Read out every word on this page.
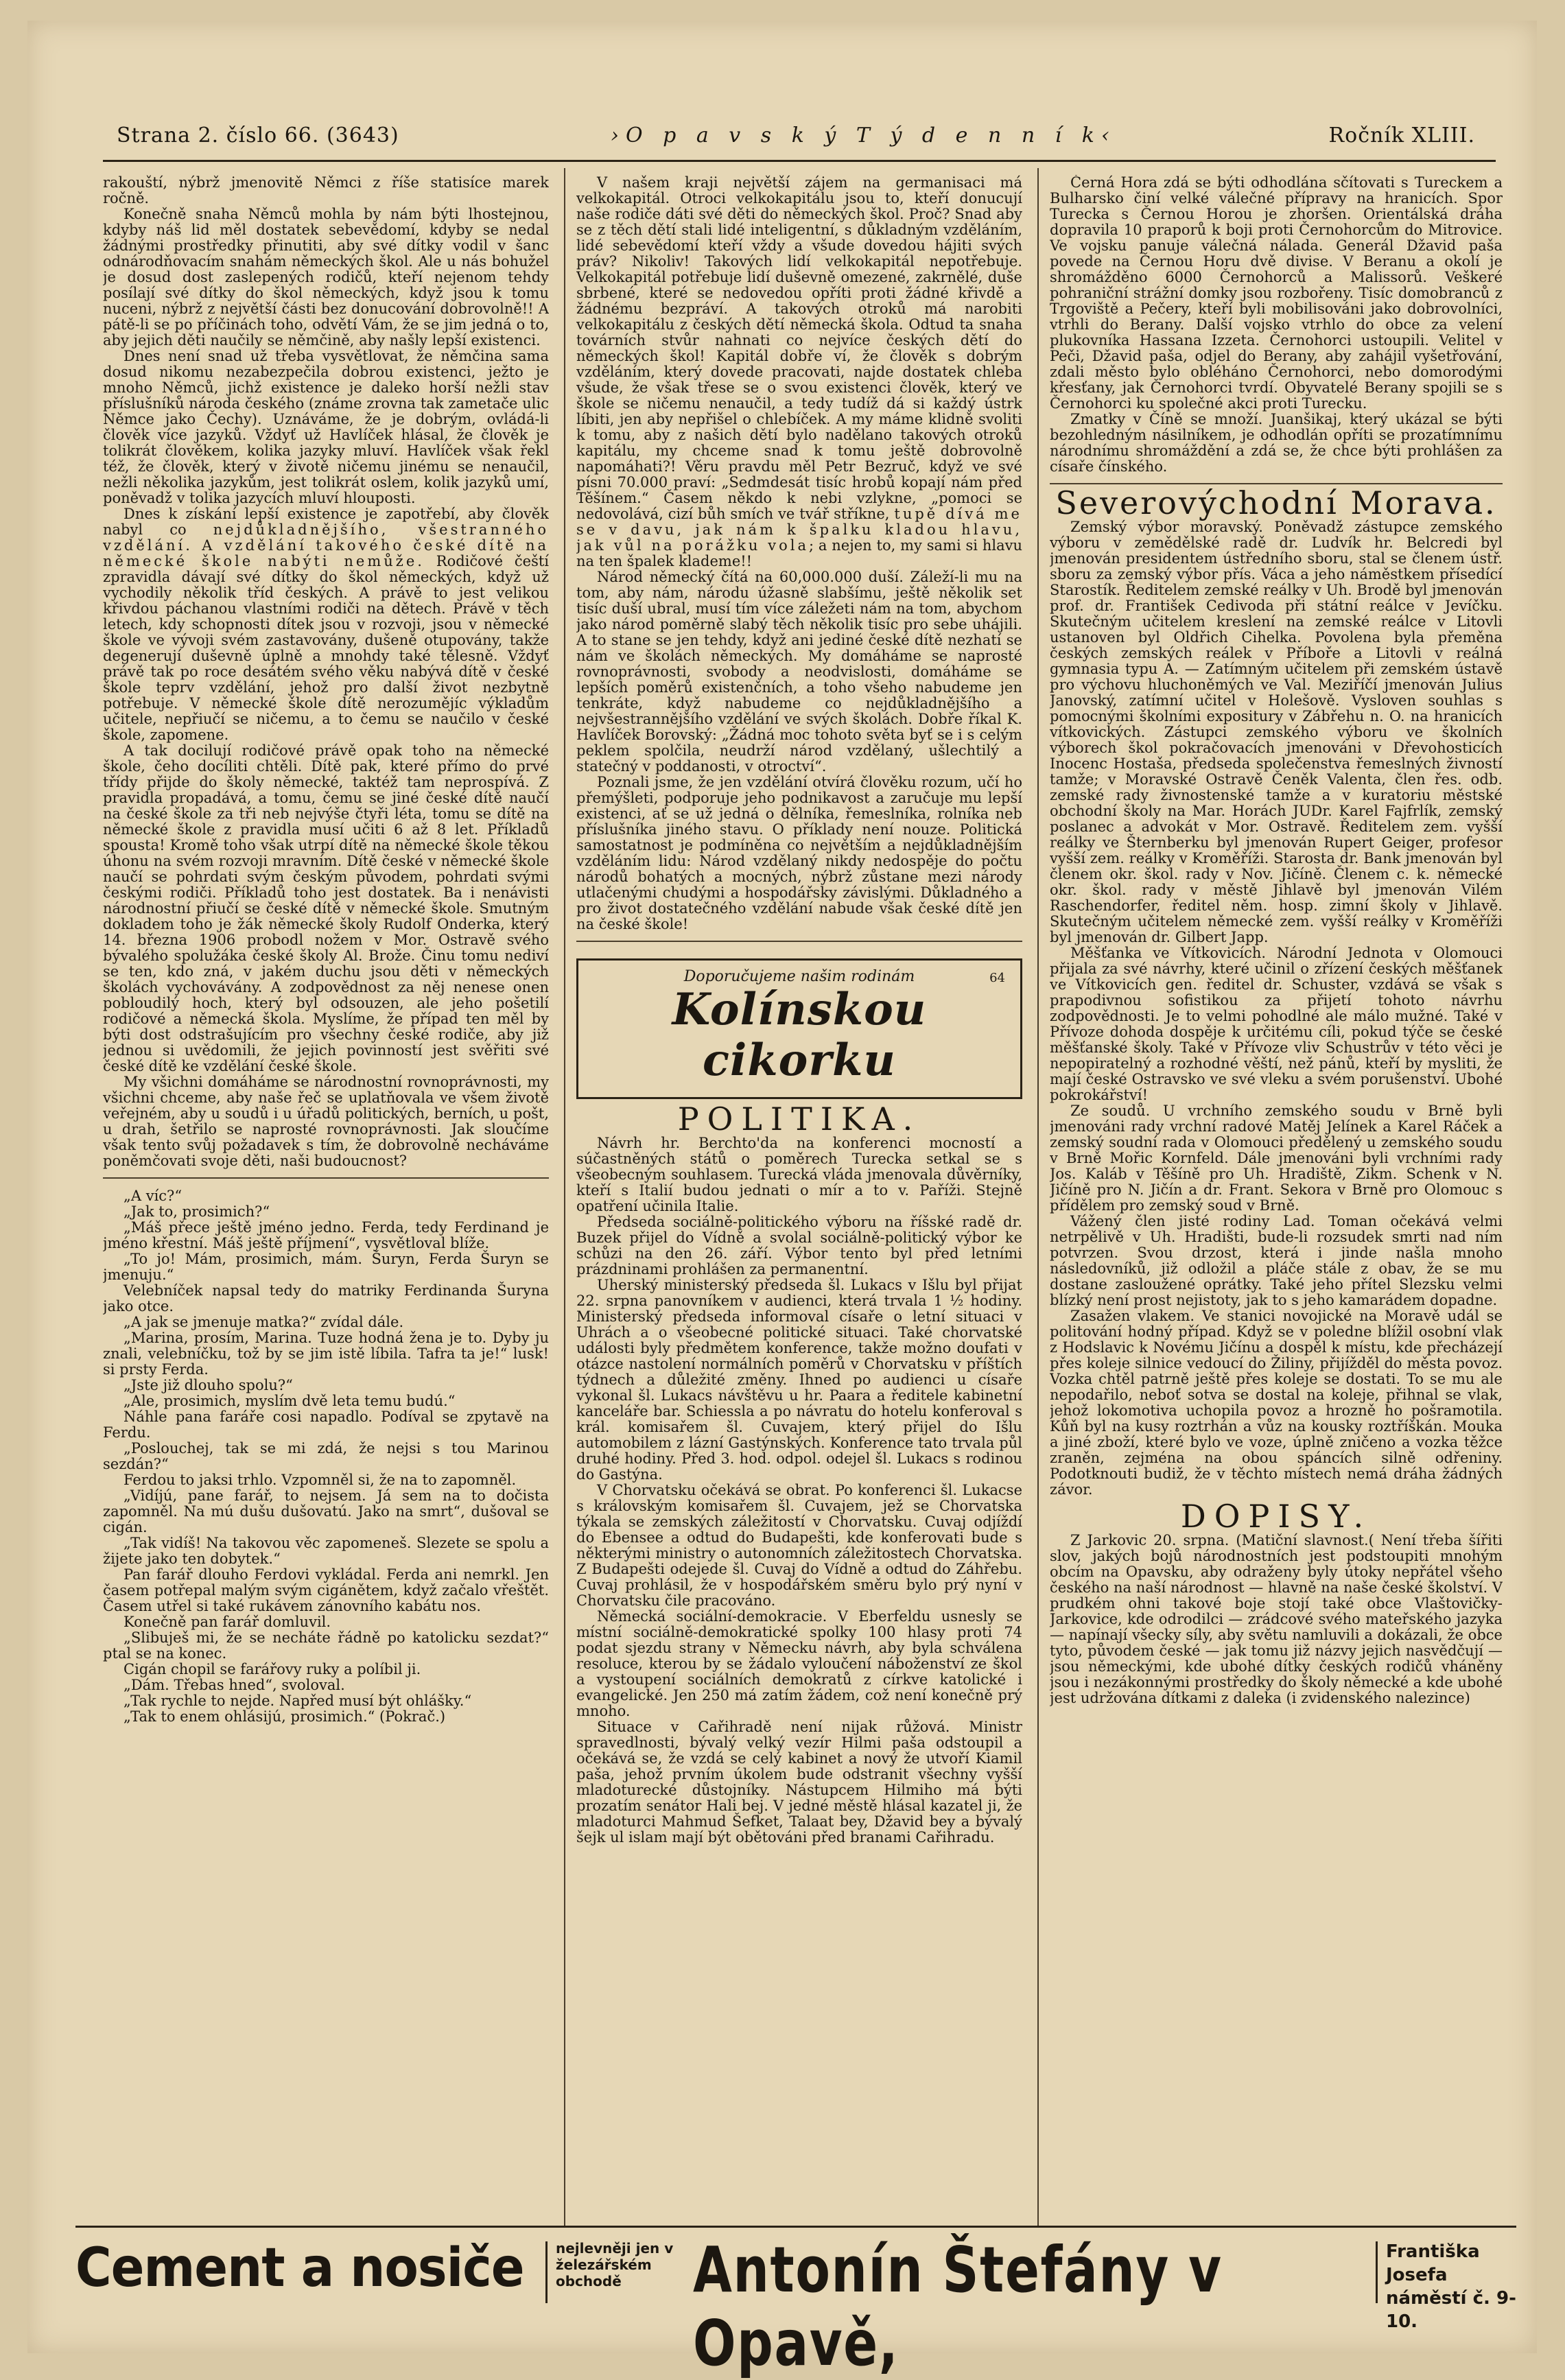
Strana 2. číslo 66. (3643)	›O p a v s k ý T ý d e n n í k‹	Ročník XLIII.

rakouští, nýbrž jmenovitě Němci z říše statisíce marek ročně.

Konečně snaha Němců mohla by nám býti lhostejnou, kdyby náš lid měl dostatek sebevědomí, kdyby se nedal žádnými prostředky přinutiti, aby své dítky vodil v šanc odnárodňovacím snahám německých škol. Ale u nás bohužel je dosud dost zaslepených rodičů, kteří nejenom tehdy posílají své dítky do škol německých, když jsou k tomu nuceni, nýbrž z největší části bez donucování dobrovolně!! A pátě-li se po příčinách toho, odvětí Vám, že se jim jedná o to, aby jejich děti naučily se němčině, aby našly lepší existenci.

Dnes není snad už třeba vysvětlovat, že němčina sama dosud nikomu nezabezpečila dobrou existenci, ježto je mnoho Němců, jichž existence je daleko horší nežli stav příslušníků národa českého (známe zrovna tak zametače ulic Němce jako Čechy). Uznáváme, že je dobrým, ovládá-li člověk více jazyků. Vždyť už Havlíček hlásal, že člověk je tolikrát člověkem, kolika jazyky mluví. Havlíček však řekl též, že člověk, který v životě ničemu jinému se nenaučil, nežli několika jazykům, jest tolikrát oslem, kolik jazyků umí, poněvadž v tolika jazycích mluví hlouposti.

Dnes k získání lepší existence je zapotřebí, aby člověk nabyl co nejdůkladnějšího, všestranného vzdělání. A vzdělání takového české dítě na německé škole nabýti nemůže. Rodičové čeští zpravidla dávají své dítky do škol německých, když už vychodily několik tříd českých. A právě to jest velikou křivdou páchanou vlastními rodiči na dětech. Právě v těch letech, kdy schopnosti dítek jsou v rozvoji, jsou v německé škole ve vývoji svém zastavovány, dušeně otupovány, takže degenerují duševně úplně a mnohdy také tělesně. Vždyť právě tak po roce desátém svého věku nabývá dítě v české škole teprv vzdělání, jehož pro další život nezbytně potřebuje. V německé škole dítě nerozumějíc výkladům učitele, nepřiučí se ničemu, a to čemu se naučilo v české škole, zapomene.

A tak docilují rodičové právě opak toho na německé škole, čeho docíliti chtěli. Dítě pak, které přímo do prvé třídy přijde do školy německé, taktéž tam neprospívá. Z pravidla propadává, a tomu, čemu se jiné české dítě naučí na české škole za tři neb nejvýše čtyři léta, tomu se dítě na německé škole z pravidla musí učiti 6 až 8 let. Příkladů spousta! Kromě toho však utrpí dítě na německé škole těkou úhonu na svém rozvoji mravním. Dítě české v německé škole naučí se pohrdati svým českým původem, pohrdati svými českými rodiči. Příkladů toho jest dostatek. Ba i nenávisti národnostní přiučí se české dítě v německé škole. Smutným dokladem toho je žák německé školy Rudolf Onderka, který 14. března 1906 probodl nožem v Mor. Ostravě svého bývalého spolužáka české školy Al. Brože. Činu tomu nediví se ten, kdo zná, v jakém duchu jsou děti v německých školách vychovávány. A zodpovědnost za něj nenese onen pobloudilý hoch, který byl odsouzen, ale jeho pošetilí rodičové a německá škola. Myslíme, že případ ten měl by býti dost odstrašujícím pro všechny české rodiče, aby již jednou si uvědomili, že jejich povinností jest svěřiti své české dítě ke vzdělání české škole.

My všichni domáháme se národnostní rovnoprávnosti, my všichni chceme, aby naše řeč se uplatňovala ve všem životě veřejném, aby u soudů i u úřadů politických, berních, u pošt, u drah, šetřilo se naprosté rovnoprávnosti. Jak sloučíme však tento svůj požadavek s tím, že dobrovolně necháváme poněmčovati svoje děti, naši budoucnost?

„A víc?“

„Jak to, prosimich?“

„Máš přece ještě jméno jedno. Ferda, tedy Ferdinand je jméno křestní. Máš ještě příjmení“, vysvětloval blíže.

„To jo! Mám, prosimich, mám. Šuryn, Ferda Šuryn se jmenuju.“

Velebníček napsal tedy do matriky Ferdinanda Šuryna jako otce.

„A jak se jmenuje matka?“ zvídal dále.

„Marina, prosím, Marina. Tuze hodná žena je to. Dyby ju znali, velebníčku, tož by se jim istě líbila. Tafra ta je!“ lusk! si prsty Ferda.

„Jste již dlouho spolu?“

„Ale, prosimich, myslím dvě leta temu budú.“

Náhle pana faráře cosi napadlo. Podíval se zpytavě na Ferdu.

„Poslouchej, tak se mi zdá, že nejsi s tou Marinou sezdán?“

Ferdou to jaksi trhlo. Vzpomněl si, že na to zapomněl.

„Vidíjú, pane farář, to nejsem. Já sem na to dočista zapomněl. Na mú dušu dušovatú. Jako na smrt“, dušoval se cigán.

„Tak vidíš! Na takovou věc zapomeneš. Slezete se spolu a žijete jako ten dobytek.“

Pan farář dlouho Ferdovi vykládal. Ferda ani nemrkl. Jen časem potřepal malým svým cigánětem, když začalo vřeštět. Časem utřel si také rukávem zánovního kabátu nos.

Konečně pan farář domluvil.

„Slibuješ mi, že se necháte řádně po katolicku sezdat?“ ptal se na konec.

Cigán chopil se farářovy ruky a políbil ji.

„Dám. Třebas hned“, svoloval.

„Tak rychle to nejde. Napřed musí být ohlášky.“

„Tak to enem ohlásijú, prosimich.“ (Pokrač.)

V našem kraji největší zájem na germanisaci má velkokapitál. Otroci velkokapitálu jsou to, kteří donucují naše rodiče dáti své děti do německých škol. Proč? Snad aby se z těch dětí stali lidé inteligentní, s důkladným vzděláním, lidé sebevědomí kteří vždy a všude dovedou hájiti svých práv? Nikoliv! Takových lidí velkokapitál nepotřebuje. Velkokapitál potřebuje lidí duševně omezené, zakrnělé, duše sbrbené, které se nedovedou opříti proti žádné křivdě a žádnému bezpráví. A takových otroků má narobiti velkokapitálu z českých dětí německá škola. Odtud ta snaha továrních stvůr nahnati co nejvíce českých dětí do německých škol! Kapitál dobře ví, že člověk s dobrým vzděláním, který dovede pracovati, najde dostatek chleba všude, že však třese se o svou existenci člověk, který ve škole se ničemu nenaučil, a tedy tudíž dá si každý ústrk líbiti, jen aby nepřišel o chlebíček. A my máme klidně svoliti k tomu, aby z našich dětí bylo nadělano takových otroků kapitálu, my chceme snad k tomu ještě dobrovolně napomáhati?! Věru pravdu měl Petr Bezruč, když ve své písni 70.000 praví: „Sedmdesát tisíc hrobů kopají nám před Těšínem.“ Časem někdo k nebi vzlykne, „pomoci se nedovolává, cizí bůh smích ve tvář stříkne, tupě dívá me se v davu, jak nám k špalku kladou hlavu, jak vůl na porážku vola; a nejen to, my sami si hlavu na ten špalek klademe!!

Národ německý čítá na 60,000.000 duší. Záleží-li mu na tom, aby nám, národu úžasně slabšímu, ještě několik set tisíc duší ubral, musí tím více záležeti nám na tom, abychom jako národ poměrně slabý těch několik tisíc pro sebe uhájili. A to stane se jen tehdy, když ani jediné české dítě nezhatí se nám ve školách německých. My domáháme se naprosté rovnoprávnosti, svobody a neodvislosti, domáháme se lepších poměrů existenčních, a toho všeho nabudeme jen tenkráte, když nabudeme co nejdůkladnějšího a nejvšestrannějšího vzdělání ve svých školách. Dobře říkal K. Havlíček Borovský: „Žádná moc tohoto světa byť se i s celým peklem spolčila, neudrží národ vzdělaný, ušlechtilý a statečný v poddanosti, v otroctví“.

Poznali jsme, že jen vzdělání otvírá člověku rozum, učí ho přemýšleti, podporuje jeho podnikavost a zaručuje mu lepší existenci, ať se už jedná o dělníka, řemeslníka, rolníka neb příslušníka jiného stavu. O příklady není nouze. Politická samostatnost je podmíněna co největším a nejdůkladnějším vzděláním lidu: Národ vzdělaný nikdy nedospěje do počtu národů bohatých a mocných, nýbrž zůstane mezi národy utlačenými chudými a hospodářsky závislými. Důkladného a pro život dostatečného vzdělání nabude však české dítě jen na české škole!

Doporučujeme našim rodinám	64
Kolínskou cikorku
POLITIKA.

Návrh hr. Berchto'da na konferenci mocností a súčastněných států o poměrech Turecka setkal se s všeobecným souhlasem. Turecká vláda jmenovala důvěrníky, kteří s Italií budou jednati o mír a to v. Paříži. Stejně opatření učinila Italie.

Předseda sociálně-politického výboru na říšské radě dr. Buzek přijel do Vídně a svolal sociálně-politický výbor ke schůzi na den 26. září. Výbor tento byl před letními prázdninami prohlášen za permanentní.

Uherský ministerský předseda šl. Lukacs v Išlu byl přijat 22. srpna panovníkem v audienci, která trvala 1 ½ hodiny. Ministerský předseda informoval císaře o letní situaci v Uhrách a o všeobecné politické situaci. Také chorvatské události byly předmětem konference, takže možno doufati v otázce nastolení normálních poměrů v Chorvatsku v příštích týdnech a důležité změny. Ihned po audienci u císaře vykonal šl. Lukacs návštěvu u hr. Paara a ředitele kabinetní kanceláře bar. Schiessla a po návratu do hotelu konferoval s král. komisařem šl. Cuvajem, který přijel do Išlu automobilem z lázní Gastýnských. Konference tato trvala půl druhé hodiny. Před 3. hod. odpol. odejel šl. Lukacs s rodinou do Gastýna.

V Chorvatsku očekává se obrat. Po konferenci šl. Lukacse s královským komisařem šl. Cuvajem, jež se Chorvatska týkala se zemských záležitostí v Chorvatsku. Cuvaj odjíždí do Ebensee a odtud do Budapešti, kde konferovati bude s některými ministry o autonomních záležitostech Chorvatska. Z Budapešti odejede šl. Cuvaj do Vídně a odtud do Záhřebu. Cuvaj prohlásil, že v hospodářském směru bylo prý nyní v Chorvatsku čile pracováno.

Německá sociální-demokracie. V Eberfeldu usnesly se místní sociálně-demokratické spolky 100 hlasy proti 74 podat sjezdu strany v Německu návrh, aby byla schválena resoluce, kterou by se žádalo vyloučení náboženství ze škol a vystoupení sociálních demokratů z církve katolické i evangelické. Jen 250 má zatím žádem, což není konečně prý mnoho.

Situace v Cařihradě není nijak růžová. Ministr spravedlnosti, bývalý velký vezír Hilmi paša odstoupil a očekává se, že vzdá se celý kabinet a nový že utvoří Kiamil paša, jehož prvním úkolem bude odstranit všechny vyšší mladoturecké důstojníky. Nástupcem Hilmiho má býti prozatím senátor Hali bej. V jedné městě hlásal kazatel ji, že mladoturci Mahmud Šefket, Talaat bey, Džavid bey a bývalý šejk ul islam mají být obětováni před branami Cařihradu.

Černá Hora zdá se býti odhodlána sčítovati s Tureckem a Bulharsko činí velké válečné přípravy na hranicích. Spor Turecka s Černou Horou je zhoršen. Orientálská dráha dopravila 10 praporů k boji proti Černohorcům do Mitrovice. Ve vojsku panuje válečná nálada. Generál Džavid paša povede na Černou Horu dvě divise. V Beranu a okolí je shromážděno 6000 Černohorců a Malissorů. Veškeré pohraniční strážní domky jsou rozbořeny. Tisíc domobranců z Trgoviště a Pečery, kteří byli mobilisováni jako dobrovolníci, vtrhli do Berany. Další vojsko vtrhlo do obce za velení plukovníka Hassana Izzeta. Černohorci ustoupili. Velitel v Peči, Džavid paša, odjel do Berany, aby zahájil vyšetřování, zdali město bylo obléháno Černohorci, nebo domorodými křesťany, jak Černohorci tvrdí. Obyvatelé Berany spojili se s Černohorci ku společné akci proti Turecku.

Zmatky v Číně se množí. Juanšikaj, který ukázal se býti bezohledným násilníkem, je odhodlán opříti se prozatímnímu národnímu shromáždění a zdá se, že chce býti prohlášen za císaře čínského.

Severovýchodní Morava.

Zemský výbor moravský. Poněvadž zástupce zemského výboru v zemědělské radě dr. Ludvík hr. Belcredi byl jmenován presidentem ústředního sboru, stal se členem ústř. sboru za zemský výbor přís. Váca a jeho náměstkem přísedící Starostík. Ředitelem zemské reálky v Uh. Brodě byl jmenován prof. dr. František Cedivoda při státní reálce v Jevíčku. Skutečným učitelem kreslení na zemské reálce v Litovli ustanoven byl Oldřich Cihelka. Povolena byla přeměna českých zemských reálek v Příboře a Litovli v reálná gymnasia typu A. — Zatímným učitelem při zemském ústavě pro výchovu hluchoněmých ve Val. Meziříčí jmenován Julius Janovský, zatímní učitel v Holešově. Vysloven souhlas s pomocnými školními expositury v Zábřehu n. O. na hranicích vítkovických. Zástupci zemského výboru ve školních výborech škol pokračovacích jmenováni v Dřevohosticích Inocenc Hostaša, předseda společenstva řemeslných živností tamže; v Moravské Ostravě Čeněk Valenta, člen řes. odb. zemské rady živnostenské tamže a v kuratoriu městské obchodní školy na Mar. Horách JUDr. Karel Fajfrlík, zemský poslanec a advokát v Mor. Ostravě. Ředitelem zem. vyšší reálky ve Šternberku byl jmenován Rupert Geiger, profesor vyšší zem. reálky v Kroměříži. Starosta dr. Bank jmenován byl členem okr. škol. rady v Nov. Jičíně. Členem c. k. německé okr. škol. rady v městě Jihlavě byl jmenován Vilém Raschendorfer, ředitel něm. hosp. zimní školy v Jihlavě. Skutečným učitelem německé zem. vyšší reálky v Kroměříži byl jmenován dr. Gilbert Japp.

Měšťanka ve Vítkovicích. Národní Jednota v Olomouci přijala za své návrhy, které učinil o zřízení českých měšťanek ve Vítkovicích gen. ředitel dr. Schuster, vzdává se však s prapodivnou sofistikou za přijetí tohoto návrhu zodpovědnosti. Je to velmi pohodlné ale málo mužné. Také v Přívoze dohoda dospěje k určitému cíli, pokud týče se české měšťanské školy. Také v Přívoze vliv Schustrův v této věci je nepopiratelný a rozhodné věští, než pánů, kteří by mysliti, že mají české Ostravsko ve své vleku a svém porušenství. Ubohé pokrokářství!

Ze soudů. U vrchního zemského soudu v Brně byli jmenováni rady vrchní radové Matěj Jelínek a Karel Ráček a zemský soudní rada v Olomouci předělený u zemského soudu v Brně Mořic Kornfeld. Dále jmenováni byli vrchními rady Jos. Kaláb v Těšíně pro Uh. Hradiště, Zikm. Schenk v N. Jičíně pro N. Jičín a dr. Frant. Sekora v Brně pro Olomouc s přídělem pro zemský soud v Brně.

Vážený člen jisté rodiny Lad. Toman očekává velmi netrpělivě v Uh. Hradišti, bude-li rozsudek smrti nad ním potvrzen. Svou drzost, která i jinde našla mnoho následovníků, již odložil a pláče stále z obav, že se mu dostane zasloužené oprátky. Také jeho přítel Slezsku velmi blízký není prost nejistoty, jak to s jeho kamarádem dopadne.

Zasažen vlakem. Ve stanici novojické na Moravě udál se politování hodný případ. Když se v poledne blížil osobní vlak z Hodslavic k Novému Jičínu a dospěl k místu, kde přecházejí přes koleje silnice vedoucí do Žiliny, přijížděl do města povoz. Vozka chtěl patrně ještě přes koleje se dostati. To se mu ale nepodařilo, neboť sotva se dostal na koleje, přihnal se vlak, jehož lokomotiva uchopila povoz a hrozně ho pošramotila. Kůň byl na kusy roztrhán a vůz na kousky roztříškán. Mouka a jiné zboží, které bylo ve voze, úplně zničeno a vozka těžce zraněn, zejména na obou spáncích silně odřeniny. Podotknouti budiž, že v těchto místech nemá dráha žádných závor.

DOPISY.

Z Jarkovic 20. srpna. (Matiční slavnost.( Není třeba šířiti slov, jakých bojů národnostních jest podstoupiti mnohým obcím na Opavsku, aby odraženy byly útoky nepřátel všeho českého na naší národnost — hlavně na naše české školství. V prudkém ohni takové boje stojí také obce Vlaštovičky-Jarkovice, kde odrodilci — zrádcové svého mateřského jazyka — napínají všecky síly, aby světu namluvili a dokázali, že obce tyto, původem české — jak tomu již názvy jejich nasvědčují — jsou německými, kde ubohé dítky českých rodičů vháněny jsou i nezákonnými prostředky do školy německé a kde ubohé jest udržována dítkami z daleka (i zvidenského nalezince)

Cement a nosiče nejlevněji jen v železářském obchodě	Antonín Štefány v Opavě,
Františka Josefa náměstí č. 9-10.
